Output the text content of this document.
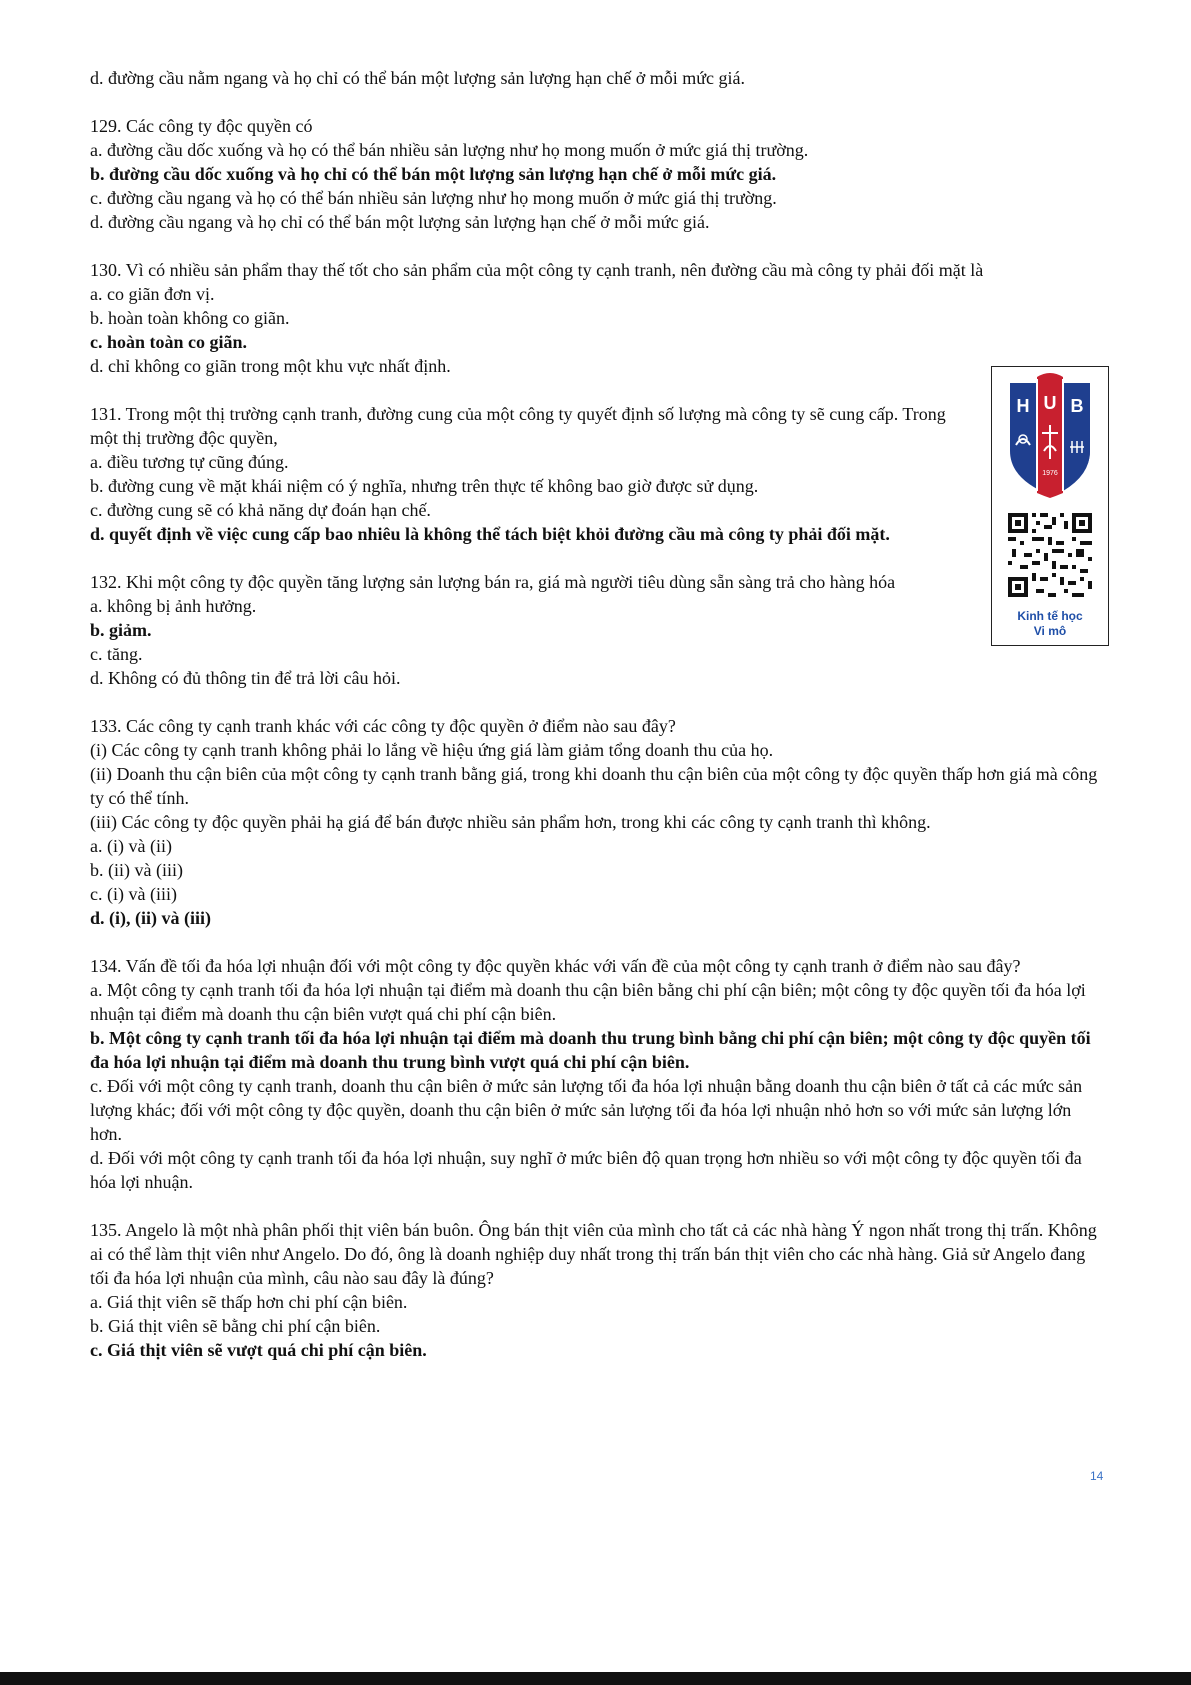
d. đường cầu nằm ngang và họ chỉ có thể bán một lượng sản lượng hạn chế ở mỗi mức giá.

129. Các công ty độc quyền có

a. đường cầu dốc xuống và họ có thể bán nhiều sản lượng như họ mong muốn ở mức giá thị trường.

b. đường cầu dốc xuống và họ chỉ có thể bán một lượng sản lượng hạn chế ở mỗi mức giá.

c. đường cầu ngang và họ có thể bán nhiều sản lượng như họ mong muốn ở mức giá thị trường.

d. đường cầu ngang và họ chỉ có thể bán một lượng sản lượng hạn chế ở mỗi mức giá.

130. Vì có nhiều sản phẩm thay thế tốt cho sản phẩm của một công ty cạnh tranh, nên đường cầu mà công ty phải đối mặt là

a. co giãn đơn vị.

b. hoàn toàn không co giãn.

c. hoàn toàn co giãn.

d. chỉ không co giãn trong một khu vực nhất định.

131. Trong một thị trường cạnh tranh, đường cung của một công ty quyết định số lượng mà công ty sẽ cung cấp. Trong một thị trường độc quyền,

a. điều tương tự cũng đúng.

b. đường cung về mặt khái niệm có ý nghĩa, nhưng trên thực tế không bao giờ được sử dụng.

c. đường cung sẽ có khả năng dự đoán hạn chế.

d. quyết định về việc cung cấp bao nhiêu là không thể tách biệt khỏi đường cầu mà công ty phải đối mặt.

132. Khi một công ty độc quyền tăng lượng sản lượng bán ra, giá mà người tiêu dùng sẵn sàng trả cho hàng hóa

a. không bị ảnh hưởng.

b. giảm.

c. tăng.

d. Không có đủ thông tin để trả lời câu hỏi.

133. Các công ty cạnh tranh khác với các công ty độc quyền ở điểm nào sau đây?

(i) Các công ty cạnh tranh không phải lo lắng về hiệu ứng giá làm giảm tổng doanh thu của họ.

(ii) Doanh thu cận biên của một công ty cạnh tranh bằng giá, trong khi doanh thu cận biên của một công ty độc quyền thấp hơn giá mà công ty có thể tính.

(iii) Các công ty độc quyền phải hạ giá để bán được nhiều sản phẩm hơn, trong khi các công ty cạnh tranh thì không.

a. (i) và (ii)

b. (ii) và (iii)

c. (i) và (iii)

d. (i), (ii) và (iii)

134. Vấn đề tối đa hóa lợi nhuận đối với một công ty độc quyền khác với vấn đề của một công ty cạnh tranh ở điểm nào sau đây?

a. Một công ty cạnh tranh tối đa hóa lợi nhuận tại điểm mà doanh thu cận biên bằng chi phí cận biên; một công ty độc quyền tối đa hóa lợi nhuận tại điểm mà doanh thu cận biên vượt quá chi phí cận biên.

b. Một công ty cạnh tranh tối đa hóa lợi nhuận tại điểm mà doanh thu trung bình bằng chi phí cận biên; một công ty độc quyền tối đa hóa lợi nhuận tại điểm mà doanh thu trung bình vượt quá chi phí cận biên.

c. Đối với một công ty cạnh tranh, doanh thu cận biên ở mức sản lượng tối đa hóa lợi nhuận bằng doanh thu cận biên ở tất cả các mức sản lượng khác; đối với một công ty độc quyền, doanh thu cận biên ở mức sản lượng tối đa hóa lợi nhuận nhỏ hơn so với mức sản lượng lớn hơn.

d. Đối với một công ty cạnh tranh tối đa hóa lợi nhuận, suy nghĩ ở mức biên độ quan trọng hơn nhiều so với một công ty độc quyền tối đa hóa lợi nhuận.

135. Angelo là một nhà phân phối thịt viên bán buôn. Ông bán thịt viên của mình cho tất cả các nhà hàng Ý ngon nhất trong thị trấn. Không ai có thể làm thịt viên như Angelo. Do đó, ông là doanh nghiệp duy nhất trong thị trấn bán thịt viên cho các nhà hàng. Giả sử Angelo đang tối đa hóa lợi nhuận của mình, câu nào sau đây là đúng?

a. Giá thịt viên sẽ thấp hơn chi phí cận biên.

b. Giá thịt viên sẽ bằng chi phí cận biên.

c. Giá thịt viên sẽ vượt quá chi phí cận biên.

H U B
1976
Kinh tế học
Vi mô
14
